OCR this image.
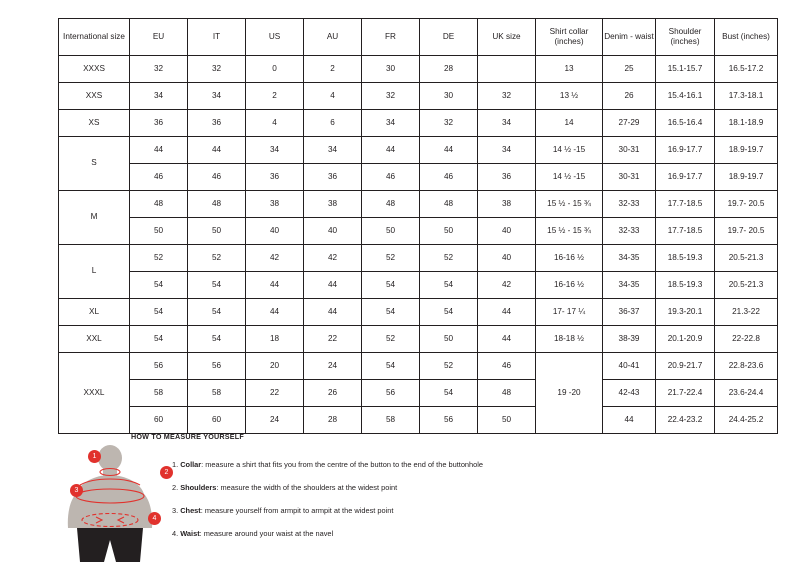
International size	EU	IT	US	AU	FR	DE	UK size	Shirt collar (inches)	Denim - waist	Shoulder (inches)	Bust (inches)
XXXS	32	32	0	2	30	28		13	25	15.1-15.7	16.5-17.2
XXS	34	34	2	4	32	30	32	13 ½	26	15.4-16.1	17.3-18.1
XS	36	36	4	6	34	32	34	14	27-29	16.5-16.4	18.1-18.9
S	44	44	34	34	44	44	34	14 ½ -15	30-31	16.9-17.7	18.9-19.7
	46	46	36	36	46	46	36	14 ½ -15	30-31	16.9-17.7	18.9-19.7
M	48	48	38	38	48	48	38	15 ½ - 15 ¾	32-33	17.7-18.5	19.7- 20.5
	50	50	40	40	50	50	40	15 ½ - 15 ¾	32-33	17.7-18.5	19.7- 20.5
L	52	52	42	42	52	52	40	16-16 ½	34-35	18.5-19.3	20.5-21.3
	54	54	44	44	54	54	42	16-16 ½	34-35	18.5-19.3	20.5-21.3
XL	54	54	44	44	54	54	44	17- 17 ¼	36-37	19.3-20.1	21.3-22
XXL	54	54	18	22	52	50	44	18-18 ½	38-39	20.1-20.9	22-22.8
XXXL	56	56	20	24	54	52	46	19 -20	40-41	20.9-21.7	22.8-23.6
	58	58	22	26	56	54	48		42-43	21.7-22.4	23.6-24.4
	60	60	24	28	58	56	50		44	22.4-23.2	24.4-25.2
HOW TO MEASURE YOURSELF
1. Collar: measure a shirt that fits you from the centre of the button to the end of the buttonhole
2. Shoulders: measure the width of the shoulders at the widest point
3. Chest: measure yourself from armpit to armpit at the widest point
4. Waist: measure around your waist at the navel
1
2
3
4
